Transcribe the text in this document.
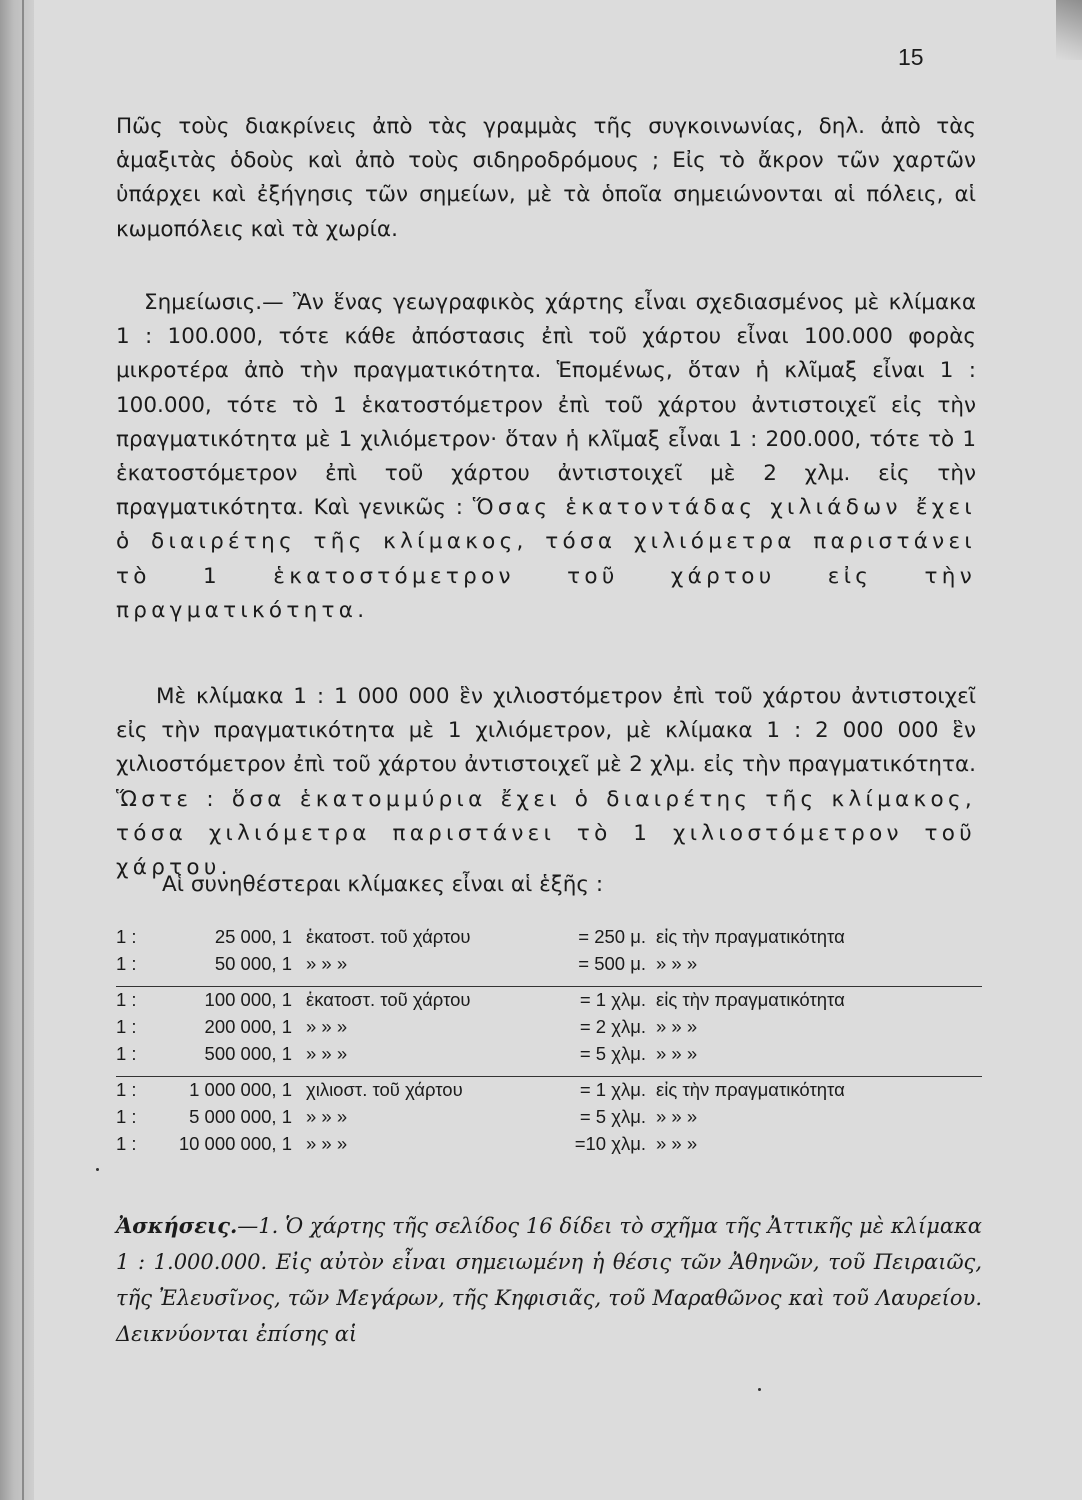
15

Πῶς τοὺς διακρίνεις ἀπὸ τὰς γραμμὰς τῆς συγκοινωνίας, δηλ. ἀπὸ τὰς ἁμαξιτὰς ὁδοὺς καὶ ἀπὸ τοὺς σιδηροδρόμους ; Εἰς τὸ ἄκρον τῶν χαρτῶν ὑπάρχει καὶ ἐξήγησις τῶν σημείων, μὲ τὰ ὁποῖα σημειώνονται αἱ πόλεις, αἱ κωμοπόλεις καὶ τὰ χωρία.

Σημείωσις.— Ἂν ἕνας γεωγραφικὸς χάρτης εἶναι σχεδιασμένος μὲ κλίμακα 1 : 100.000, τότε κάθε ἀπόστασις ἐπὶ τοῦ χάρτου εἶναι 100.000 φορὰς μικροτέρα ἀπὸ τὴν πραγματικότητα. Ἑπομένως, ὅταν ἡ κλῖμαξ εἶναι 1 : 100.000, τότε τὸ 1 ἑκατοστόμετρον ἐπὶ τοῦ χάρτου ἀντιστοιχεῖ εἰς τὴν πραγματικότητα μὲ 1 χιλιόμετρον· ὅταν ἡ κλῖμαξ εἶναι 1 : 200.000, τότε τὸ 1 ἑκατοστόμετρον ἐπὶ τοῦ χάρτου ἀντιστοιχεῖ μὲ 2 χλμ. εἰς τὴν πραγματικότητα. Καὶ γενικῶς : Ὅσας ἑκατοντάδας χιλιάδων ἔχει ὁ διαιρέτης τῆς κλίμακος, τόσα χιλιόμετρα παριστάνει τὸ 1 ἑκατοστόμετρον τοῦ χάρτου εἰς τὴν πραγματικότητα.

Μὲ κλίμακα 1 : 1 000 000 ἓν χιλιοστόμετρον ἐπὶ τοῦ χάρτου ἀντιστοιχεῖ εἰς τὴν πραγματικότητα μὲ 1 χιλιόμετρον, μὲ κλίμακα 1 : 2 000 000 ἓν χιλιοστόμετρον ἐπὶ τοῦ χάρτου ἀντιστοιχεῖ μὲ 2 χλμ. εἰς τὴν πραγματικότητα. Ὥστε : ὅσα ἑκατομμύρια ἔχει ὁ διαιρέτης τῆς κλίμακος, τόσα χιλιόμετρα παριστάνει τὸ 1 χιλιοστόμετρον τοῦ χάρτου.

Αἱ συνηθέστεραι κλίμακες εἶναι αἱ ἑξῆς :

1 :	25 000, 1 ἑκατοστ. τοῦ χάρτου	= 250 μ. εἰς τὴν πραγματικότητα
1 :	50 000, 1 » » »	= 500 μ. » » »
1 :	100 000, 1 ἑκατοστ. τοῦ χάρτου	= 1 χλμ. εἰς τὴν πραγματικότητα
1 :	200 000, 1 » » »	= 2 χλμ. » » »
1 :	500 000, 1 » » »	= 5 χλμ. » » »
1 :	1 000 000, 1 χιλιοστ. τοῦ χάρτου	= 1 χλμ. εἰς τὴν πραγματικότητα
1 :	5 000 000, 1 » » »	= 5 χλμ. » » »
1 :	10 000 000, 1 » » »	=10 χλμ. » » »

Ἀσκήσεις.—1. Ὁ χάρτης τῆς σελίδος 16 δίδει τὸ σχῆμα τῆς Ἀττικῆς μὲ κλίμακα 1 : 1.000.000. Εἰς αὐτὸν εἶναι σημειωμένη ἡ θέσις τῶν Ἀθηνῶν, τοῦ Πειραιῶς, τῆς Ἐλευσῖνος, τῶν Μεγάρων, τῆς Κηφισιᾶς, τοῦ Μαραθῶνος καὶ τοῦ Λαυρείου. Δεικνύονται ἐπίσης αἱ
